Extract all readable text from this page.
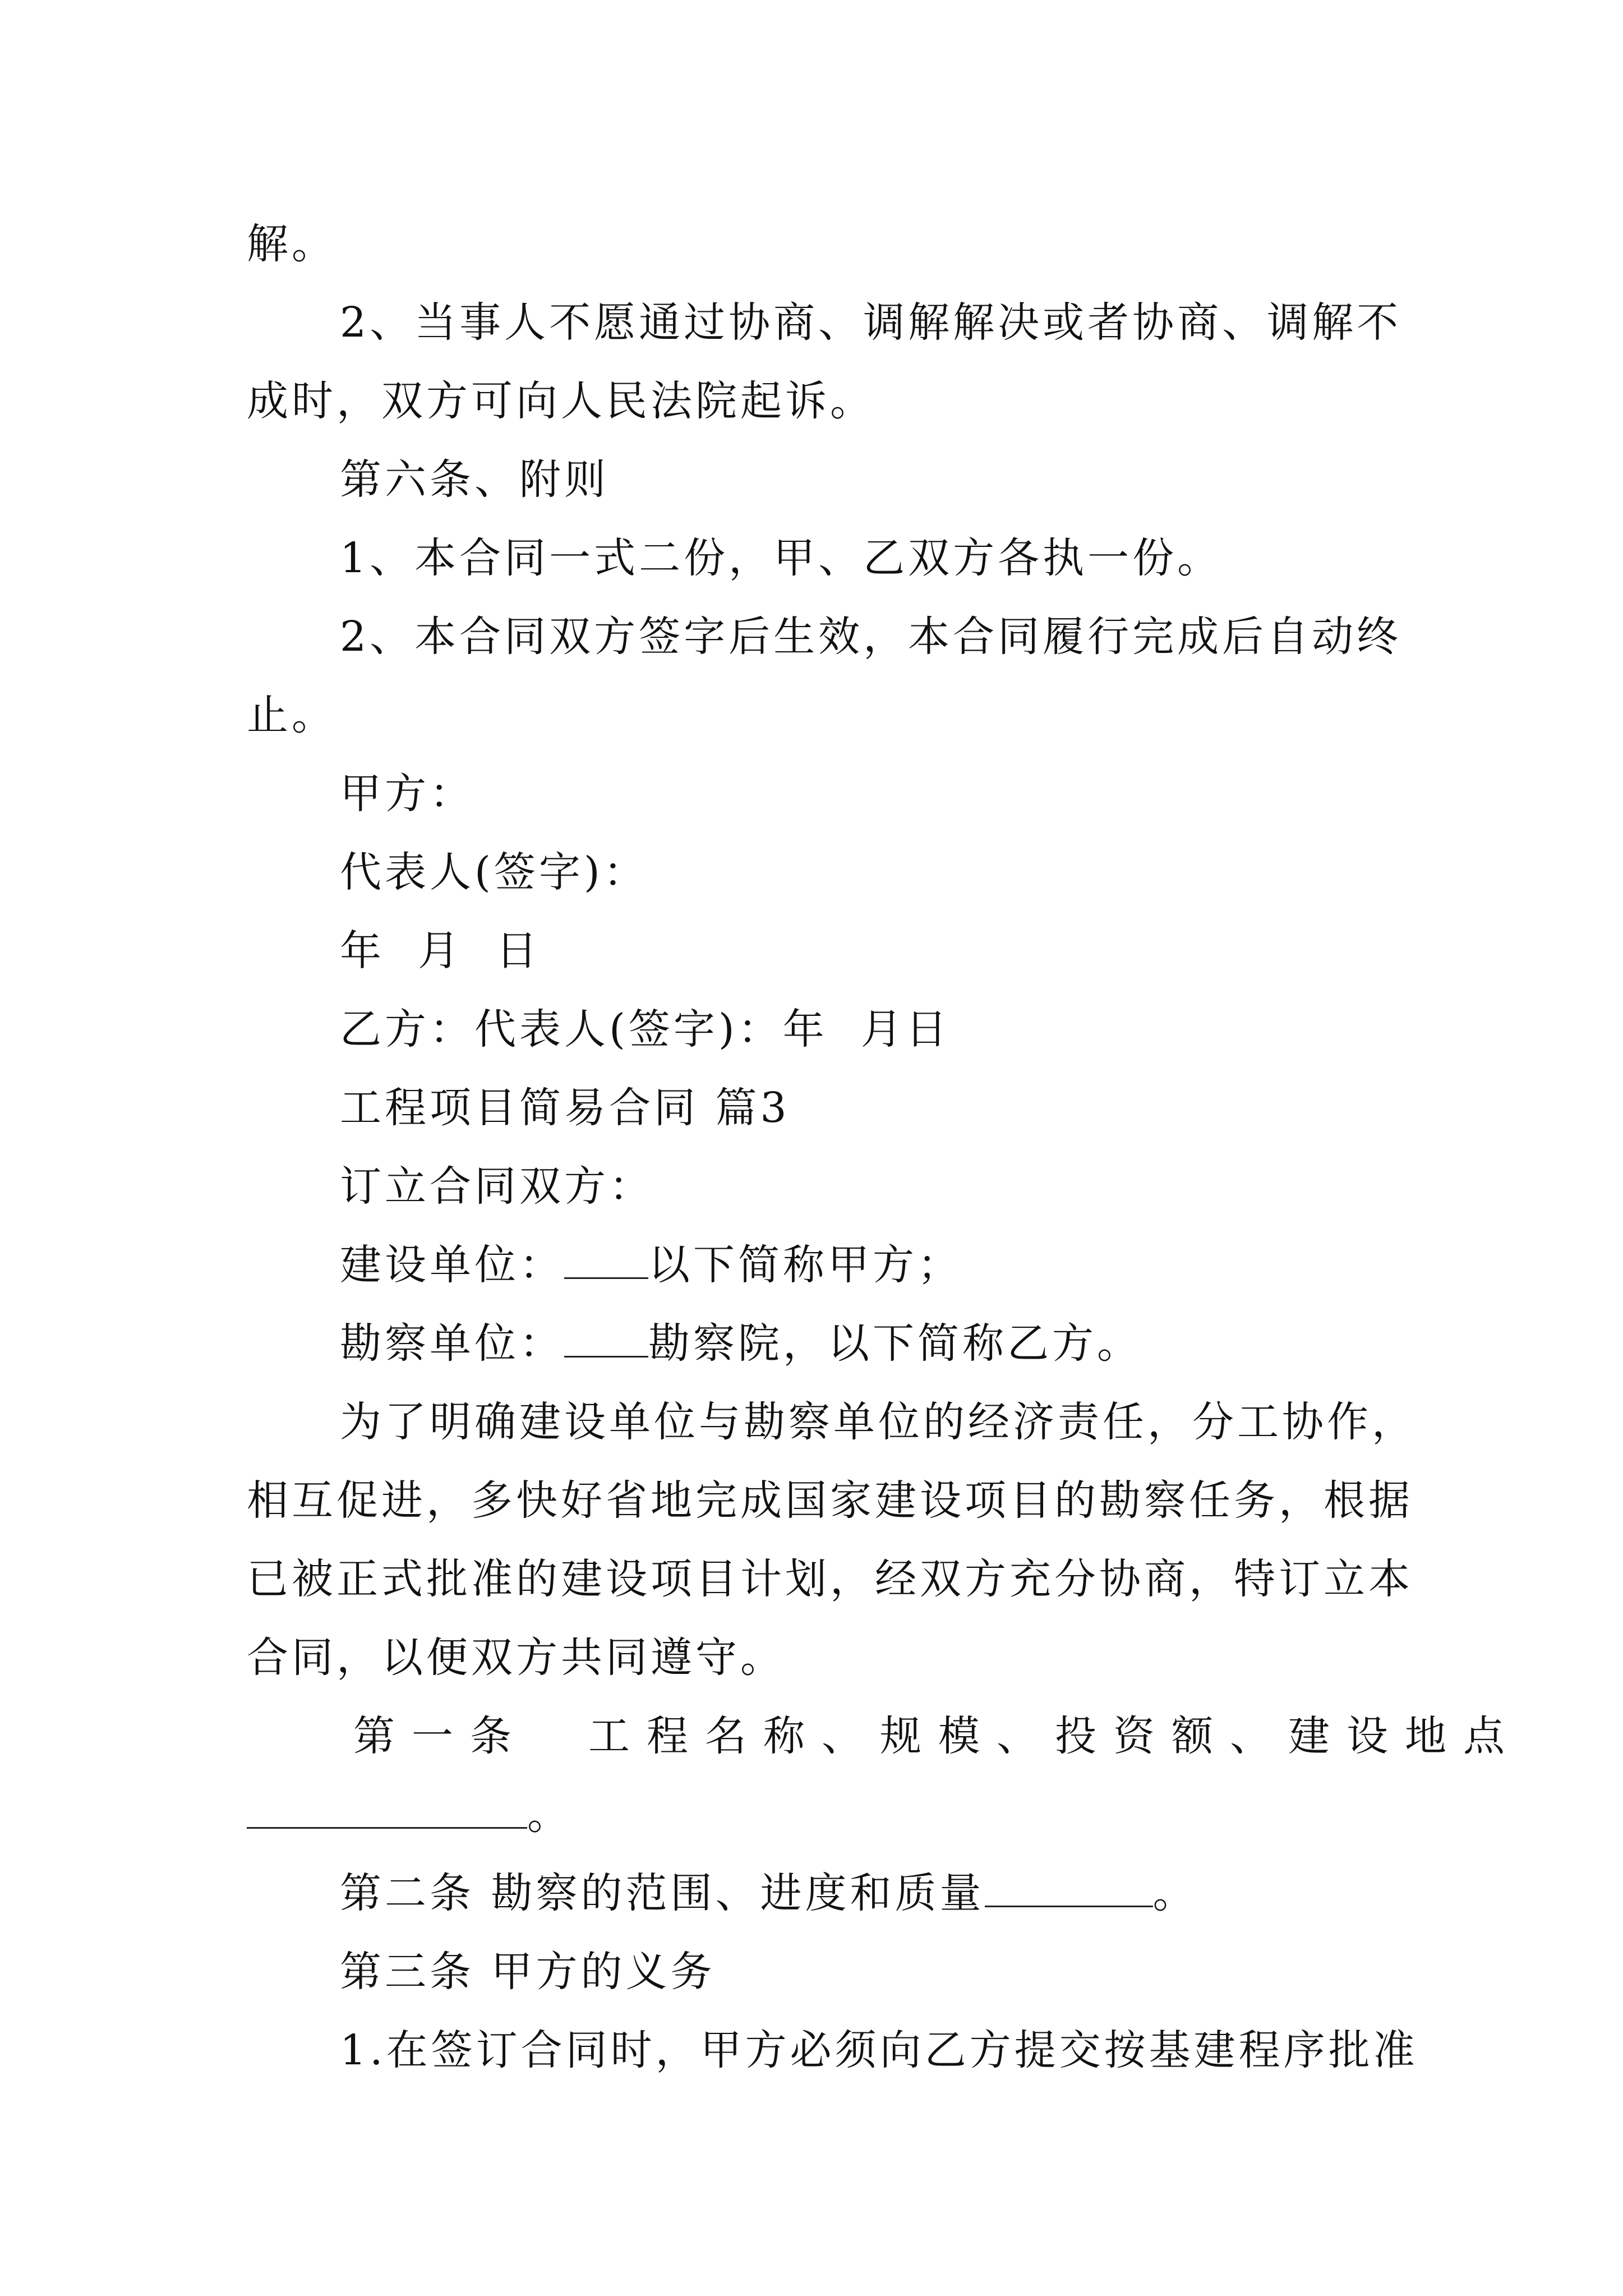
解。
2、当事人不愿通过协商、调解解决或者协商、调解不
成时，双方可向人民法院起诉。
第六条、附则
1、本合同一式二份，甲、乙双方各执一份。
2、本合同双方签字后生效，本合同履行完成后自动终
止。
甲方：
代表人(签字)：
年  月  日
乙方：代表人(签字)：年  月日
工程项目简易合同 篇3
订立合同双方：
建设单位： 以下简称甲方；
勘察单位： 勘察院，以下简称乙方。
为了明确建设单位与勘察单位的经济责任，分工协作，
相互促进，多快好省地完成国家建设项目的勘察任务，根据
已被正式批准的建设项目计划，经双方充分协商，特订立本
合同，以便双方共同遵守。
第一条  工程名称、规模、投资额、建设地点
。
第二条 勘察的范围、进度和质量	。
第三条 甲方的义务
1.在签订合同时，甲方必须向乙方提交按基建程序批准
